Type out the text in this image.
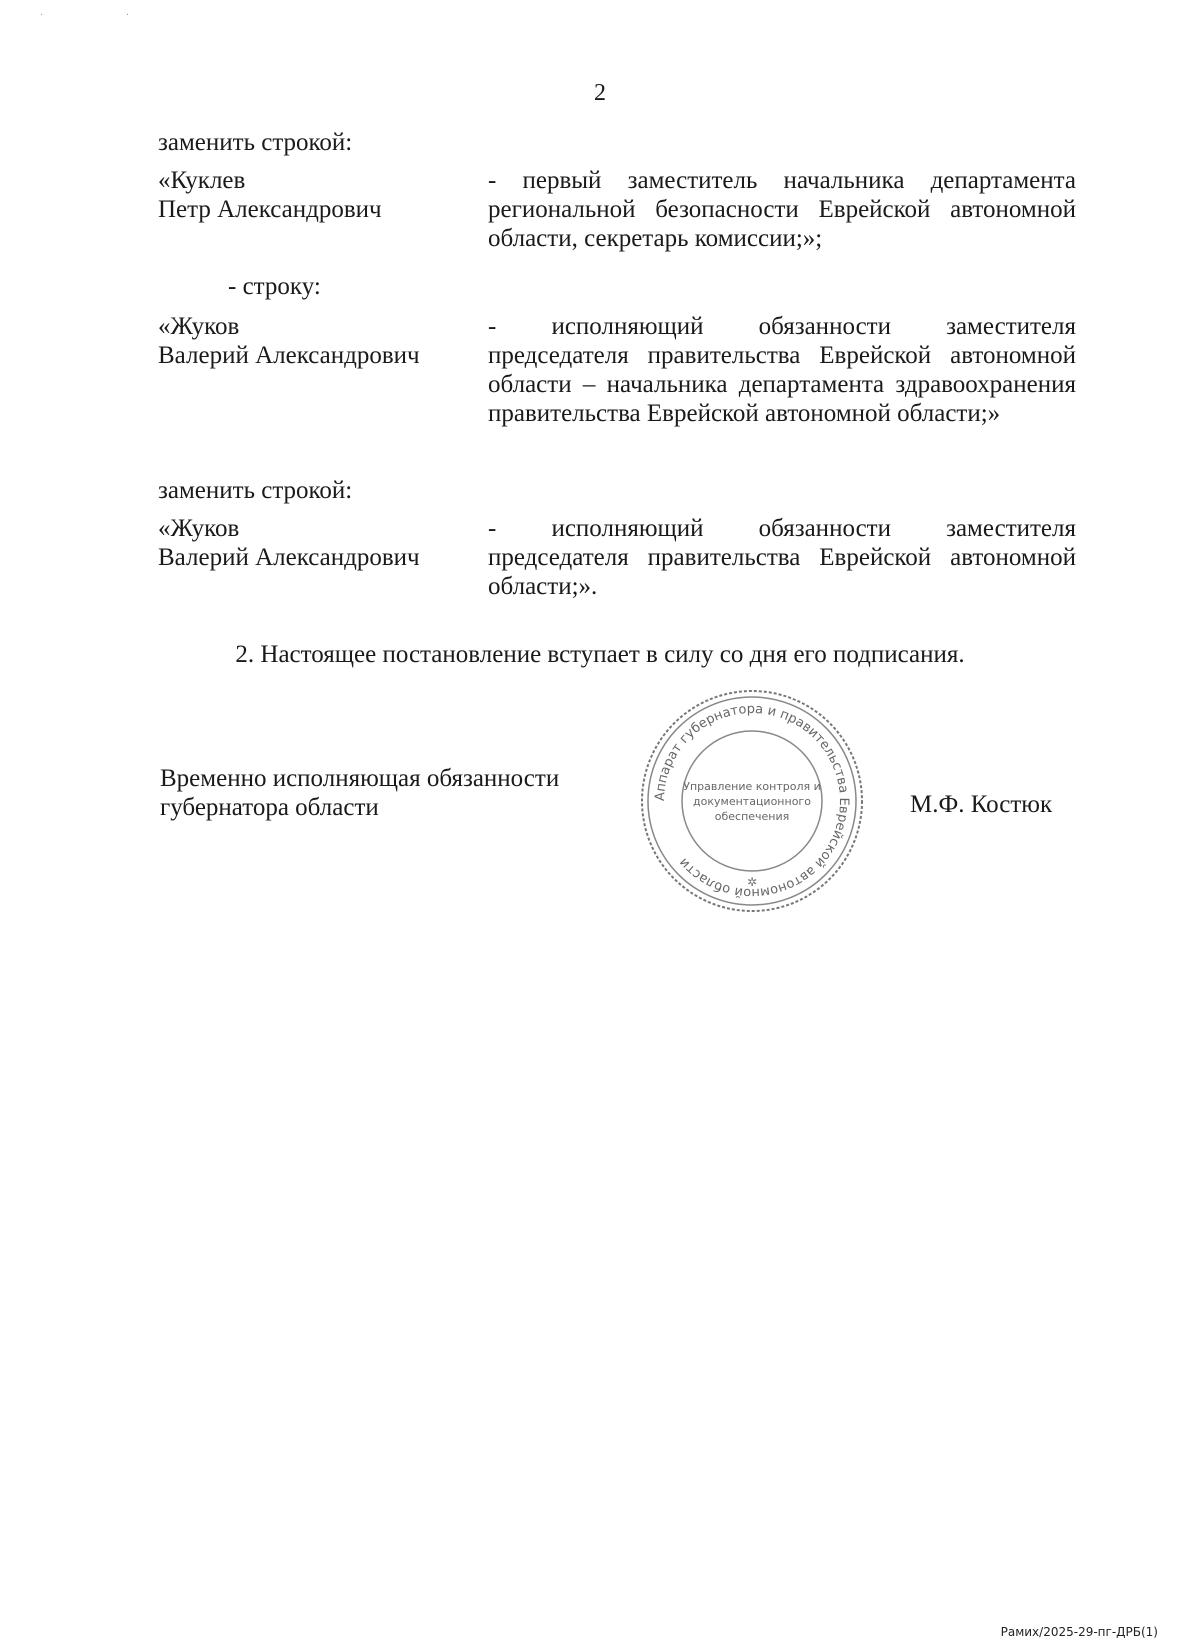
·                          ·
2
заменить строкой:
«Куклев
Петр Александрович
- первый заместитель начальника департамента региональной безопасности Еврейской автономной области, секретарь комиссии;»;
- строку:
«Жуков
Валерий Александрович
- исполняющий обязанности заместителя председателя правительства Еврейской автономной области – начальника департамента здравоохранения правительства Еврейской автономной области;»
заменить строкой:
«Жуков
Валерий Александрович
- исполняющий обязанности заместителя председателя правительства Еврейской автономной области;».
2. Настоящее постановление вступает в силу со дня его подписания.
Временно исполняющая обязанности
губернатора области	Аппарат губернатора и правительства Еврейской автономной области
Управление контроля и
документационного
обеспечения
✲
М.Ф. Костюк
Рамих/2025-29-пг-ДРБ(1)
